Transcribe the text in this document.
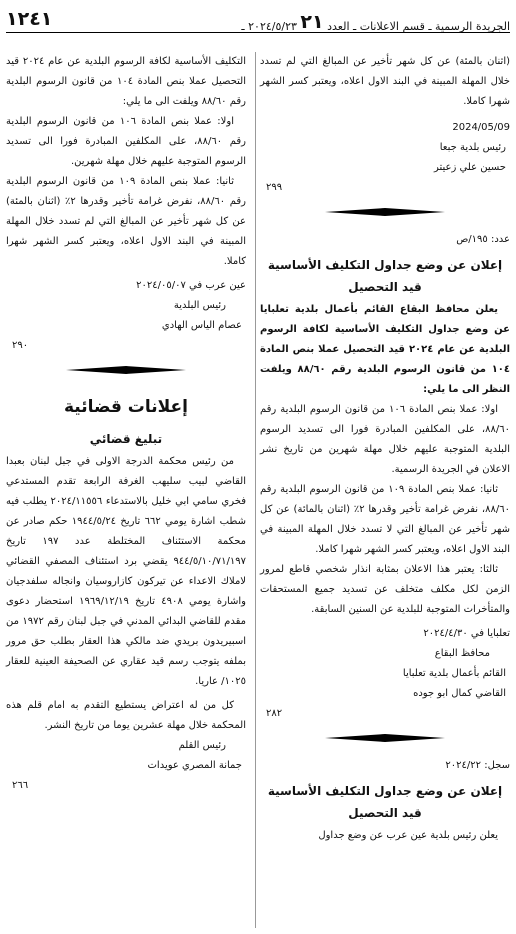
١٢٤١	الجريدة الرسمية ـ قسم الاعلانات ـ العدد ٢١ ٢٠٢٤/٥/٢٣ ـ

(اثنان بالمئة) عن كل شهر تأخير عن المبالغ التي لم تسدد خلال المهلة المبينة في البند الاول اعلاه، ويعتبر كسر الشهر شهرا كاملا.

2024/05/09

رئيس بلدية جبعا

حسين علي زعيتر

٢٩٩

عدد: ١٩٥/ص

إعلان عن وضع جداول التكليف الأساسية قيد التحصيل

يعلن محافظ البقاع القائم بأعمال بلدية تعلبايا عن وضع جداول التكليف الأساسية لكافة الرسوم البلدية عن عام ٢٠٢٤ قيد التحصيل عملا بنص المادة ١٠٤ من قانون الرسوم البلدية رقم ٨٨/٦٠ ويلفت النظر الى ما يلي:

اولا: عملا بنص المادة ١٠٦ من قانون الرسوم البلدية رقم ٨٨/٦٠، على المكلفين المبادرة فورا الى تسديد الرسوم البلدية المتوجبة عليهم خلال مهلة شهرين من تاريخ نشر الاعلان في الجريدة الرسمية.

ثانيا: عملا بنص المادة ١٠٩ من قانون الرسوم البلدية رقم ٨٨/٦٠، نفرض غرامة تأخير وقدرها ٢٪ (اثنان بالمائة) عن كل شهر تأخير عن المبالغ التي لا تسدد خلال المهلة المبينة في البند الاول اعلاه، ويعتبر كسر الشهر شهرا كاملا.

ثالثا: يعتبر هذا الاعلان بمثابة انذار شخصي قاطع لمرور الزمن لكل مكلف متخلف عن تسديد جميع المستحقات والمتأخرات المتوجبة للبلدية عن السنين السابقة.

تعلبايا في ٢٠٢٤/٤/٣٠

محافظ البقاع

القائم بأعمال بلدية تعلبايا

القاضي كمال ابو جوده

٢٨٢

سجل: ٢٠٢٤/٢٢

إعلان عن وضع جداول التكليف الأساسية قيد التحصيل

يعلن رئيس بلدية عين عرب عن وضع جداول

التكليف الأساسية لكافة الرسوم البلدية عن عام ٢٠٢٤ قيد التحصيل عملا بنص المادة ١٠٤ من قانون الرسوم البلدية رقم ٨٨/٦٠ ويلفت الى ما يلي:

اولا: عملا بنص المادة ١٠٦ من قانون الرسوم البلدية رقم ٨٨/٦٠، على المكلفين المبادرة فورا الى تسديد الرسوم المتوجبة عليهم خلال مهلة شهرين.

ثانيا: عملا بنص المادة ١٠٩ من قانون الرسوم البلدية رقم ٨٨/٦٠، نفرض غرامة تأخير وقدرها ٢٪ (اثنان بالمئة) عن كل شهر تأخير عن المبالغ التي لم تسدد خلال المهلة المبينة في البند الاول اعلاه، ويعتبر كسر الشهر شهرا كاملا.

عين عرب في ٢٠٢٤/٠٥/٠٧

رئيس البلدية

عصام الياس الهادي

٢٩٠

إعلانات قضائية
تبليغ قضائي

من رئيس محكمة الدرجة الاولى في جبل لبنان بعبدا القاضي لبيب سليهب الغرفة الرابعة تقدم المستدعي فخري سامي ابي خليل بالاستدعاء ٢٠٢٤/١١٥٥٦ يطلب فيه شطب اشارة يومي ٦٦٢ تاريخ ١٩٤٤/٥/٢٤ حكم صادر عن محكمة الاستئناف المختلطة عدد ١٩٧ تاريخ ٩٤٤/٥/١٠/٧١/١٩٧ يقضي برد استئناف المصفي القضائي لاملاك الاعداء عن تيركون كازاروسيان وانجاله سلفدجيان واشارة يومي ٤٩٠٨ تاريخ ١٩٦٩/١٢/١٩ استحضار دعوى مقدم للقاضي البدائي المدني في جبل لبنان رقم ١٩٧٢ من اسبيريدون بريدي ضد مالكي هذا العقار بطلب حق مرور بملفه يتوجب رسم قيد عقاري عن الصحيفة العينية للعقار ١٠٢٥/ عاريا.

كل من له اعتراض يستطيع التقدم به امام قلم هذه المحكمة خلال مهلة عشرين يوما من تاريخ النشر.

رئيس القلم

جمانة المصري عويدات

٢٦٦
